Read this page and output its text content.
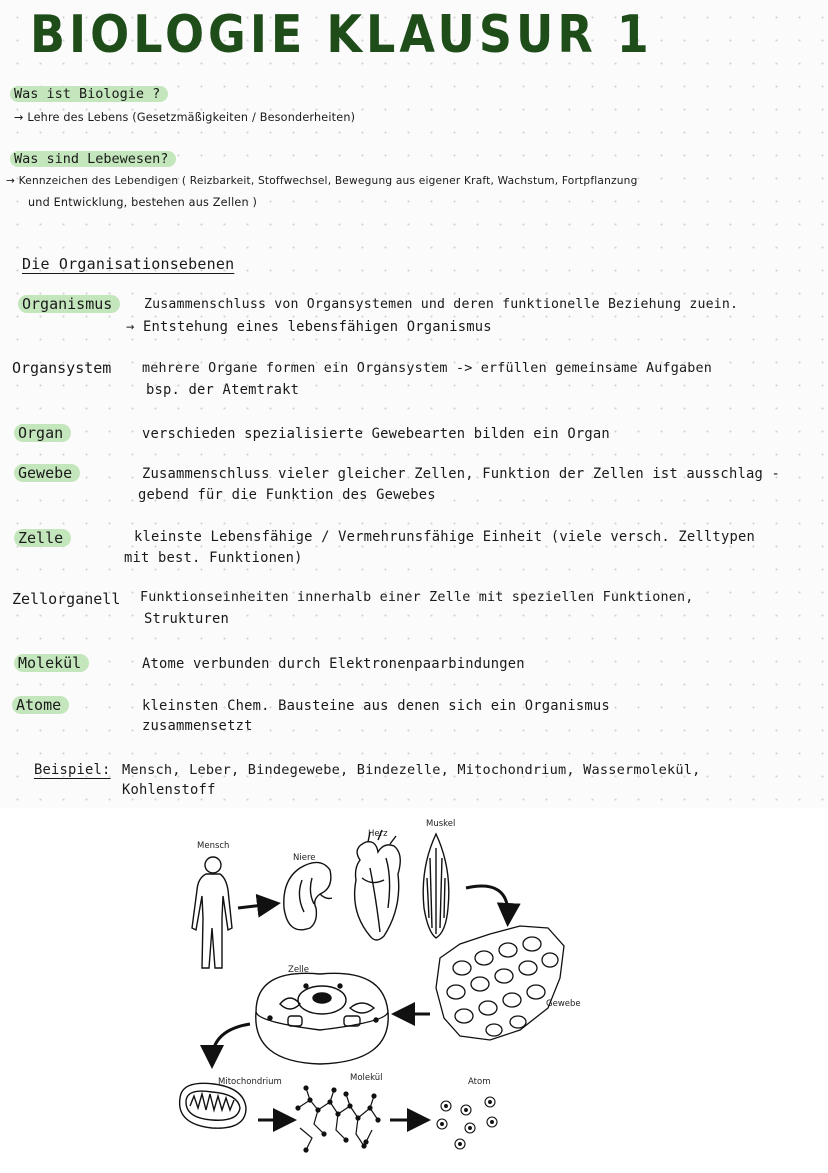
BIOLOGIE KLAUSUR 1
Was ist Biologie ?
→ Lehre des Lebens (Gesetzmäßigkeiten / Besonderheiten)
Was sind Lebewesen?
→ Kennzeichen des Lebendigen ( Reizbarkeit, Stoffwechsel, Bewegung aus eigener Kraft, Wachstum, Fortpflanzung
und Entwicklung, bestehen aus Zellen )
Die Organisationsebenen
Organismus	Zusammenschluss von Organsystemen und deren funktionelle Beziehung zuein.
→ Entstehung eines lebensfähigen Organismus
Organsystem mehrere Organe formen ein Organsystem -> erfüllen gemeinsame Aufgaben
bsp. der Atemtrakt
Organ	verschieden spezialisierte Gewebearten bilden ein Organ
Gewebe	Zusammenschluss vieler gleicher Zellen, Funktion der Zellen ist ausschlag -
gebend für die Funktion des Gewebes
Zelle	kleinste Lebensfähige / Vermehrunsfähige Einheit (viele versch. Zelltypen
mit best. Funktionen)
Zellorganell Funktionseinheiten innerhalb einer Zelle mit speziellen Funktionen,
Strukturen
Molekül	Atome verbunden durch Elektronenpaarbindungen
Atome	kleinsten Chem. Bausteine aus denen sich ein Organismus
zusammensetzt
Beispiel: Mensch, Leber, Bindegewebe, Bindezelle, Mitochondrium, Wassermolekül,
Kohlenstoff
Mensch
Niere
Herz
Muskel
Gewebe
Zelle
Mitochondrium	Molekül	Atom
